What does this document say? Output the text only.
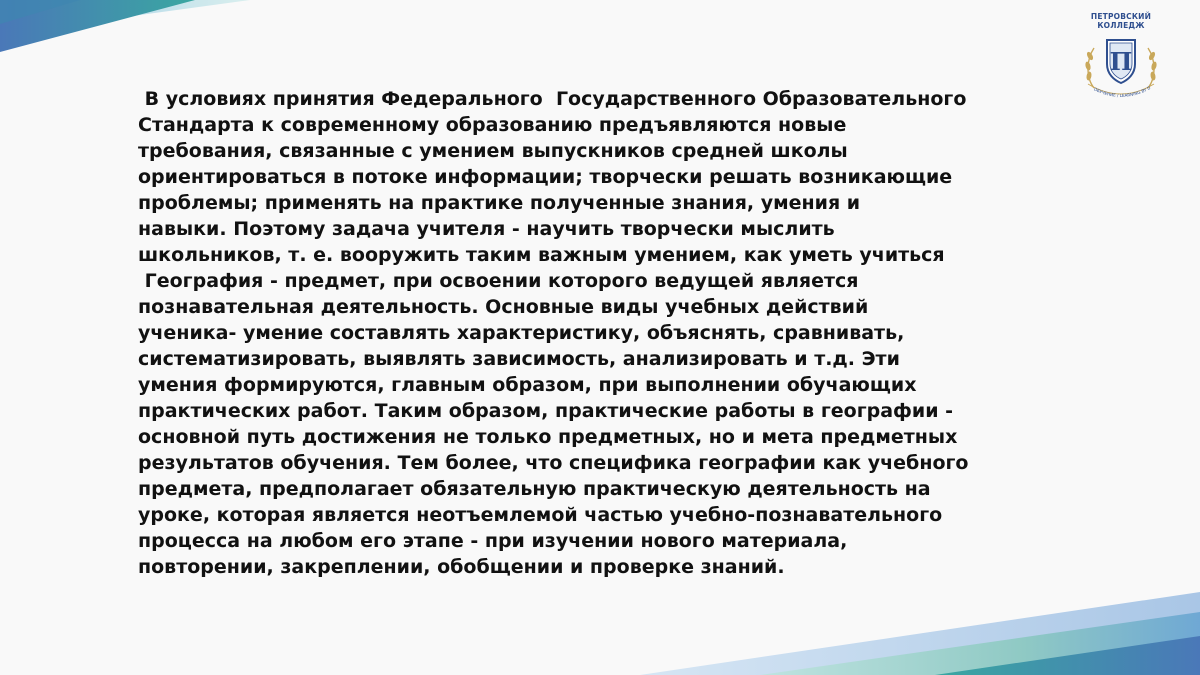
ПЕТРОВСКИЙ
КОЛЛЕДЖ
П
ОБУЧЕНИЕ / LEARNING BY D

В условиях принятия Федерального  Государственного Образовательного
Стандарта к современному образованию предъявляются новые
требования, связанные с умением выпускников средней школы
ориентироваться в потоке информации; творчески решать возникающие
проблемы; применять на практике полученные знания, умения и
навыки. Поэтому задача учителя - научить творчески мыслить
школьников, т. е. вооружить таким важным умением, как уметь учиться
География - предмет, при освоении которого ведущей является
познавательная деятельность. Основные виды учебных действий
ученика- умение составлять характеристику, объяснять, сравнивать,
систематизировать, выявлять зависимость, анализировать и т.д. Эти
умения формируются, главным образом, при выполнении обучающих
практических работ. Таким образом, практические работы в географии -
основной путь достижения не только предметных, но и мета предметных
результатов обучения. Тем более, что специфика географии как учебного
предмета, предполагает обязательную практическую деятельность на
уроке, которая является неотъемлемой частью учебно-познавательного
процесса на любом его этапе - при изучении нового материала,
повторении, закреплении, обобщении и проверке знаний.
